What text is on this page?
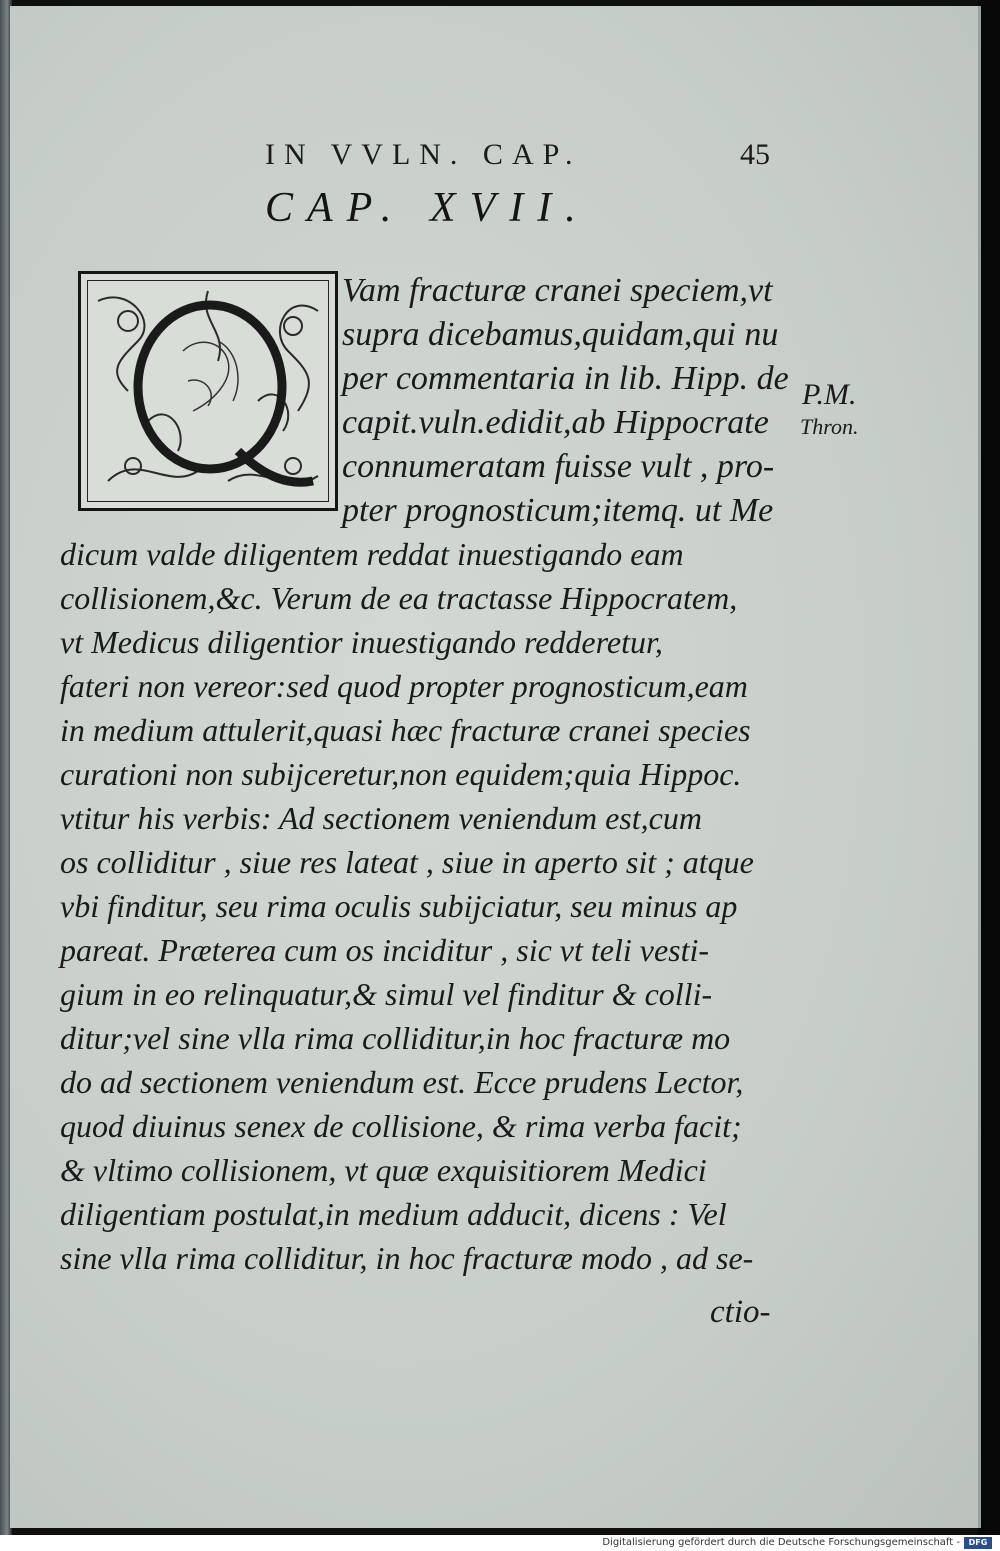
IN VVLN. CAP.	45
CAP. XVII.
Vam fracturæ cranei speciem,vt
supra dicebamus,quidam,qui nu
per commentaria in lib. Hipp. de
capit.vuln.edidit,ab Hippocrate
connumeratam fuisse vult , pro-
pter prognosticum;itemq. ut Me
dicum valde diligentem reddat inuestigando eam
collisionem,&c. Verum de ea tractasse Hippocratem,
vt Medicus diligentior inuestigando redderetur,
fateri non vereor:sed quod propter prognosticum,eam
in medium attulerit,quasi hæc fracturæ cranei species
curationi non subijceretur,non equidem;quia Hippoc.
vtitur his verbis: Ad sectionem veniendum est,cum
os colliditur , siue res lateat , siue in aperto sit ; atque
vbi finditur, seu rima oculis subijciatur, seu minus ap
pareat. Præterea cum os inciditur , sic vt teli vesti-
gium in eo relinquatur,& simul vel finditur & colli-
ditur;vel sine vlla rima colliditur,in hoc fracturæ mo
do ad sectionem veniendum est. Ecce prudens Lector,
quod diuinus senex de collisione, & rima verba facit;
& vltimo collisionem, vt quæ exquisitiorem Medici
diligentiam postulat,in medium adducit, dicens : Vel
sine vlla rima colliditur, in hoc fracturæ modo , ad se-
P.M.
Thron.
ctio-
Digitalisierung gefördert durch die Deutsche Forschungsgemeinschaft -	DFG
